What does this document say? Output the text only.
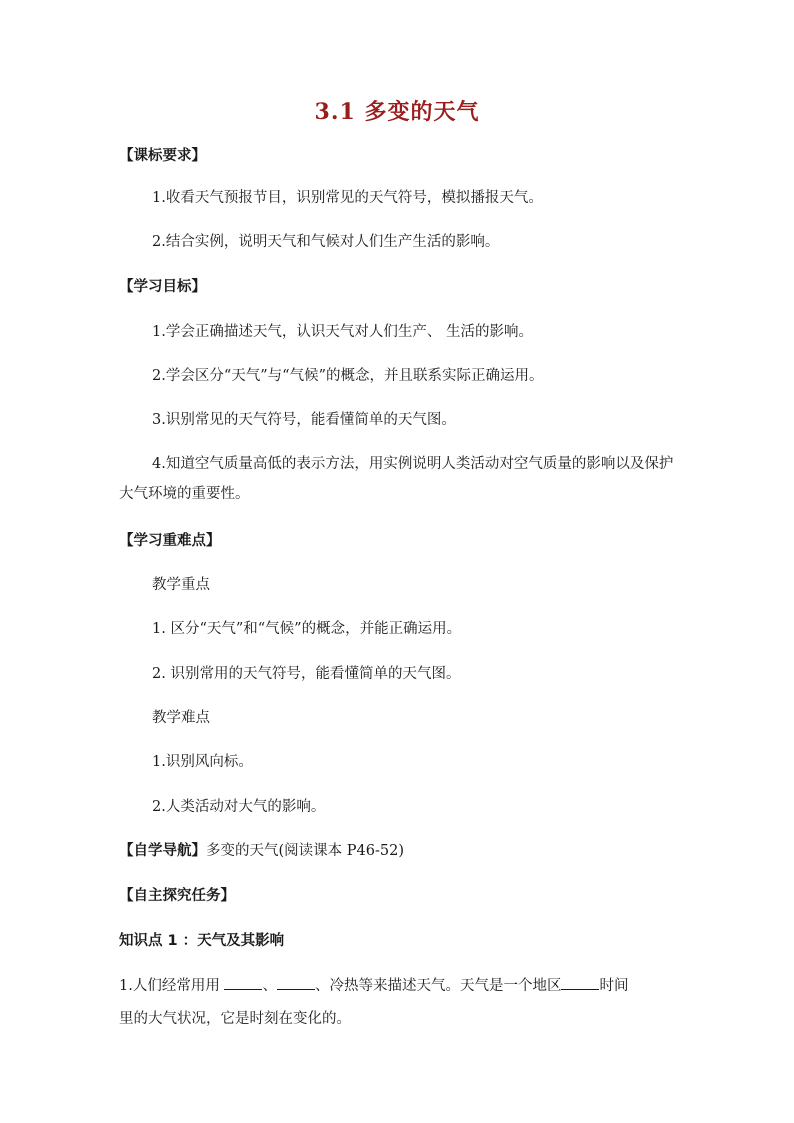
3.1 多变的天气
【课标要求】
1.收看天气预报节目，识别常见的天气符号，模拟播报天气。
2.结合实例，说明天气和气候对人们生产生活的影响。
【学习目标】
1.学会正确描述天气，认识天气对人们生产、 生活的影响。
2.学会区分“天气”与“气候”的概念，并且联系实际正确运用。
3.识别常见的天气符号，能看懂简单的天气图。
4.知道空气质量高低的表示方法，用实例说明人类活动对空气质量的影响以及保护大气环境的重要性。
【学习重难点】
教学重点
1. 区分“天气”和“气候”的概念，并能正确运用。
2. 识别常用的天气符号，能看懂简单的天气图。
教学难点
1.识别风向标。
2.人类活动对大气的影响。
【自学导航】多变的天气(阅读课本 P46-52)
【自主探究任务】
知识点 1 ：天气及其影响
1.人们经常用用	、	、冷热等来描述天气。天气是一个地区	时间
里的大气状况，它是时刻在变化的。
